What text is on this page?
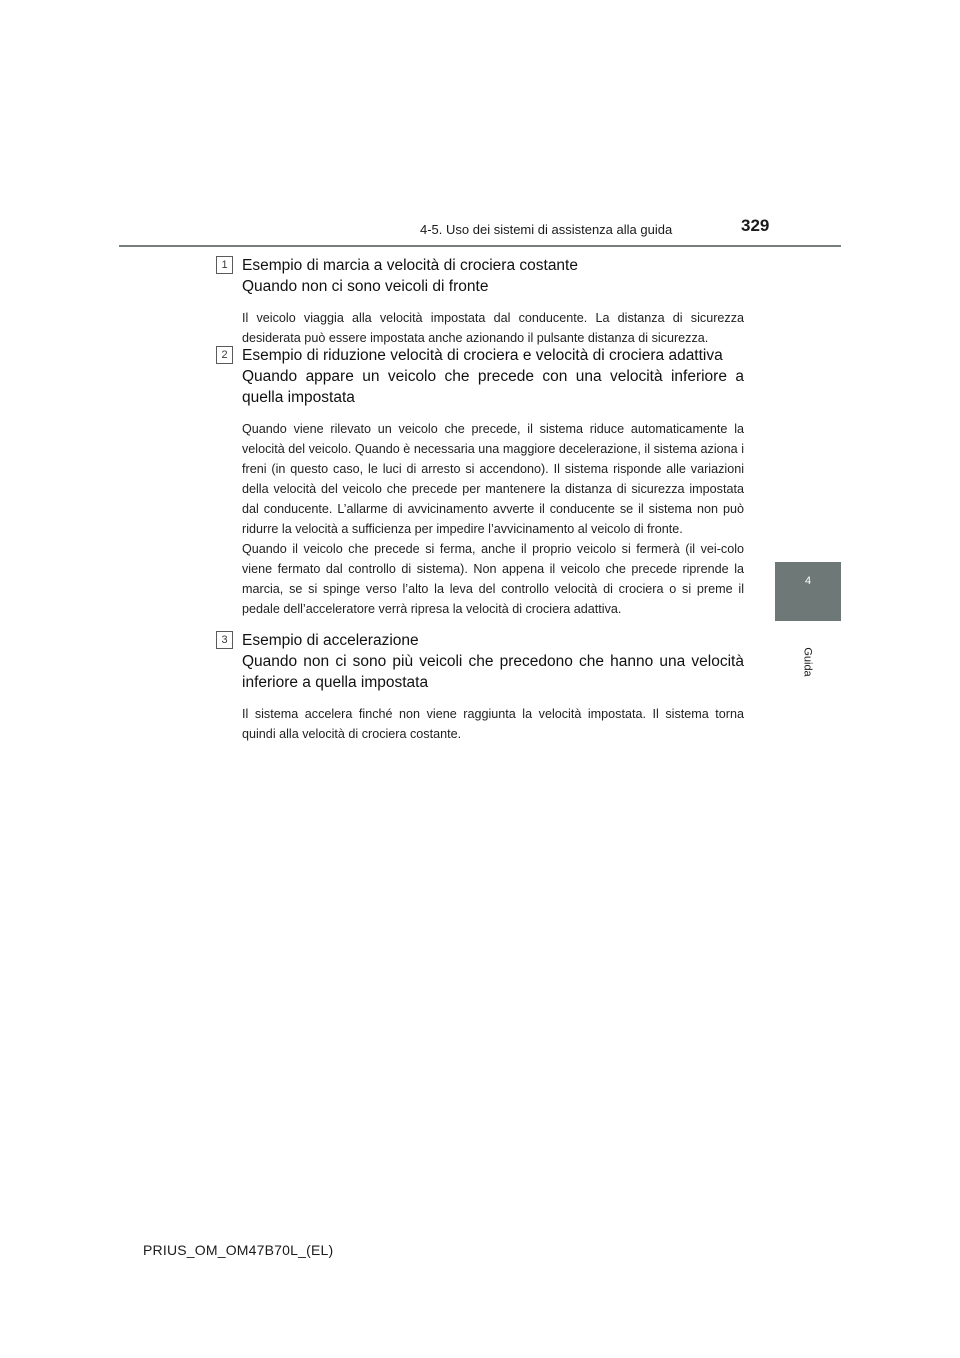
4-5. Uso dei sistemi di assistenza alla guida	329
4
Guida
1 Esempio di marcia a velocità di crociera costante
Quando non ci sono veicoli di fronte

Il veicolo viaggia alla velocità impostata dal conducente. La distanza di sicurezza desiderata può essere impostata anche azionando il pulsante distanza di sicurezza.

2 Esempio di riduzione velocità di crociera e velocità di crociera adattiva
Quando appare un veicolo che precede con una velocità inferiore a quella impostata

Quando viene rilevato un veicolo che precede, il sistema riduce automaticamente la velocità del veicolo. Quando è necessaria una maggiore decelerazione, il sistema aziona i freni (in questo caso, le luci di arresto si accendono). Il sistema risponde alle variazioni della velocità del veicolo che precede per mantenere la distanza di sicurezza impostata dal conducente. L’allarme di avvicinamento avverte il conducente se il sistema non può ridurre la velocità a sufficienza per impedire l’avvicinamento al veicolo di fronte.

Quando il veicolo che precede si ferma, anche il proprio veicolo si fermerà (il vei-colo viene fermato dal controllo di sistema). Non appena il veicolo che precede riprende la marcia, se si spinge verso l’alto la leva del controllo velocità di crociera o si preme il pedale dell’acceleratore verrà ripresa la velocità di crociera adattiva.

3 Esempio di accelerazione
Quando non ci sono più veicoli che precedono che hanno una velocità inferiore a quella impostata

Il sistema accelera finché non viene raggiunta la velocità impostata. Il sistema torna quindi alla velocità di crociera costante.

PRIUS_OM_OM47B70L_(EL)
